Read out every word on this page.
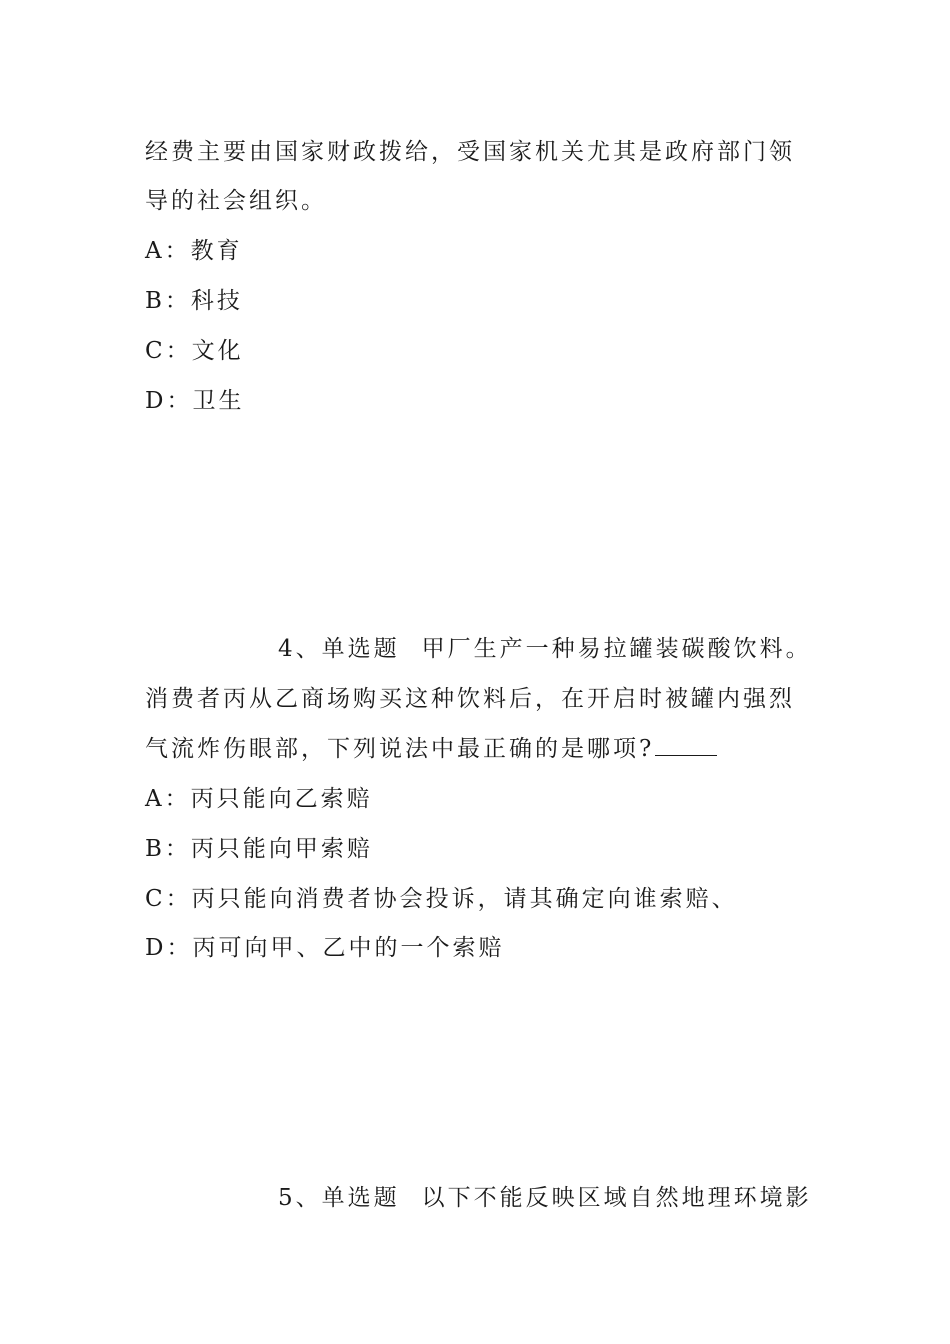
经费主要由国家财政拨给，受国家机关尤其是政府部门领
导的社会组织。
A：教育
B：科技
C：文化
D：卫生
4、单选题 甲厂生产一种易拉罐装碳酸饮料。
消费者丙从乙商场购买这种饮料后，在开启时被罐内强烈
气流炸伤眼部，下列说法中最正确的是哪项?
A：丙只能向乙索赔
B：丙只能向甲索赔
C：丙只能向消费者协会投诉，请其确定向谁索赔、
D：丙可向甲、乙中的一个索赔
5、单选题 以下不能反映区域自然地理环境影
